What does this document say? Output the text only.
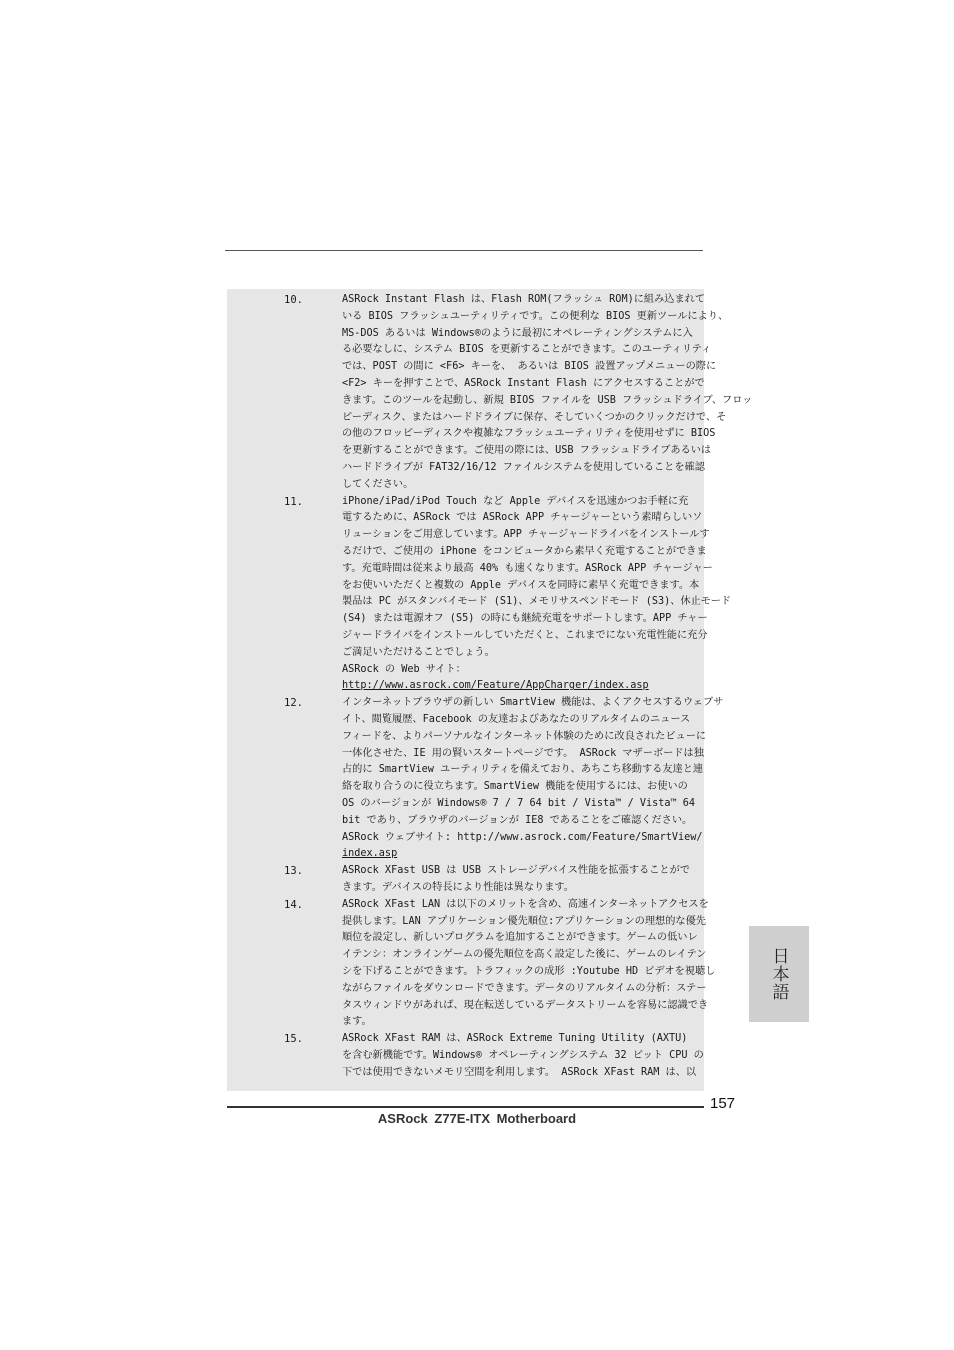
10.	ASRock Instant Flash は、Flash ROM(フラッシュ ROM)に組み込まれて
いる BIOS フラッシュユーティリティです。この便利な BIOS 更新ツールにより、
MS-DOS あるいは Windows®のように最初にオペレーティングシステムに入
る必要なしに、システム BIOS を更新することができます。このユーティリティ
では、POST の間に <F6> キーを、 あるいは BIOS 設置アップメニューの際に
<F2> キーを押すことで、ASRock Instant Flash にアクセスすることがで
きます。このツールを起動し、新規 BIOS ファイルを USB フラッシュドライブ、フロッ
ピーディスク、またはハードドライブに保存、そしていくつかのクリックだけで、そ
の他のフロッピーディスクや複雑なフラッシュユーティリティを使用せずに BIOS
を更新することができます。ご使用の際には、USB フラッシュドライブあるいは
ハードドライブが FAT32/16/12 ファイルシステムを使用していることを確認
してください。
11.	iPhone/iPad/iPod Touch など Apple デバイスを迅速かつお手軽に充
電するために、ASRock では ASRock APP チャージャーという素晴らしいソ
リューションをご用意しています。APP チャージャードライバをインストールす
るだけで、ご使用の iPhone をコンピュータから素早く充電することができま
す。充電時間は従来より最高 40% も速くなります。ASRock APP チャージャー
をお使いいただくと複数の Apple デバイスを同時に素早く充電できます。本
製品は PC がスタンバイモード (S1)、メモリサスペンドモード (S3)、休止モード
(S4) または電源オフ (S5) の時にも継続充電をサポートします。APP チャー
ジャードライバをインストールしていただくと、これまでにない充電性能に充分
ご満足いただけることでしょう。
ASRock の Web サイト：
http://www.asrock.com/Feature/AppCharger/index.asp
12.	インターネットブラウザの新しい SmartView 機能は、よくアクセスするウェブサ
イト、閲覧履歴、Facebook の友達およびあなたのリアルタイムのニュース
フィードを、よりパーソナルなインターネット体験のために改良されたビューに
一体化させた、IE 用の賢いスタートページです。 ASRock マザーボードは独
占的に SmartView ユーティリティを備えており、あちこち移動する友達と連
絡を取り合うのに役立ちます。SmartView 機能を使用するには、お使いの
OS のバージョンが Windows® 7 / 7 64 bit / Vista™ / Vista™ 64
bit であり、ブラウザのバージョンが IE8 であることをご確認ください。
ASRock ウェブサイト: http://www.asrock.com/Feature/SmartView/
index.asp
13.	ASRock XFast USB は USB ストレージデバイス性能を拡張することがで
きます。デバイスの特長により性能は異なります。
14.	ASRock XFast LAN は以下のメリットを含め、高速インターネットアクセスを
提供します。LAN アプリケーション優先順位:アプリケーションの理想的な優先
順位を設定し、新しいプログラムを追加することができます。ゲームの低いレ
イテンシ：オンラインゲームの優先順位を高く設定した後に、ゲームのレイテン
シを下げることができます。トラフィックの成形 :Youtube HD ビデオを視聴し
ながらファイルをダウンロードできます。データのリアルタイムの分析：ステー
タスウィンドウがあれば、現在転送しているデータストリームを容易に認識でき
ます。
15.	ASRock XFast RAM は、ASRock Extreme Tuning Utility (AXTU)
を含む新機能です。Windows® オペレーティングシステム 32 ビット CPU の
下では使用できないメモリ空間を利用します。 ASRock XFast RAM は、以
日本語
157
ASRock Z77E-ITX Motherboard
